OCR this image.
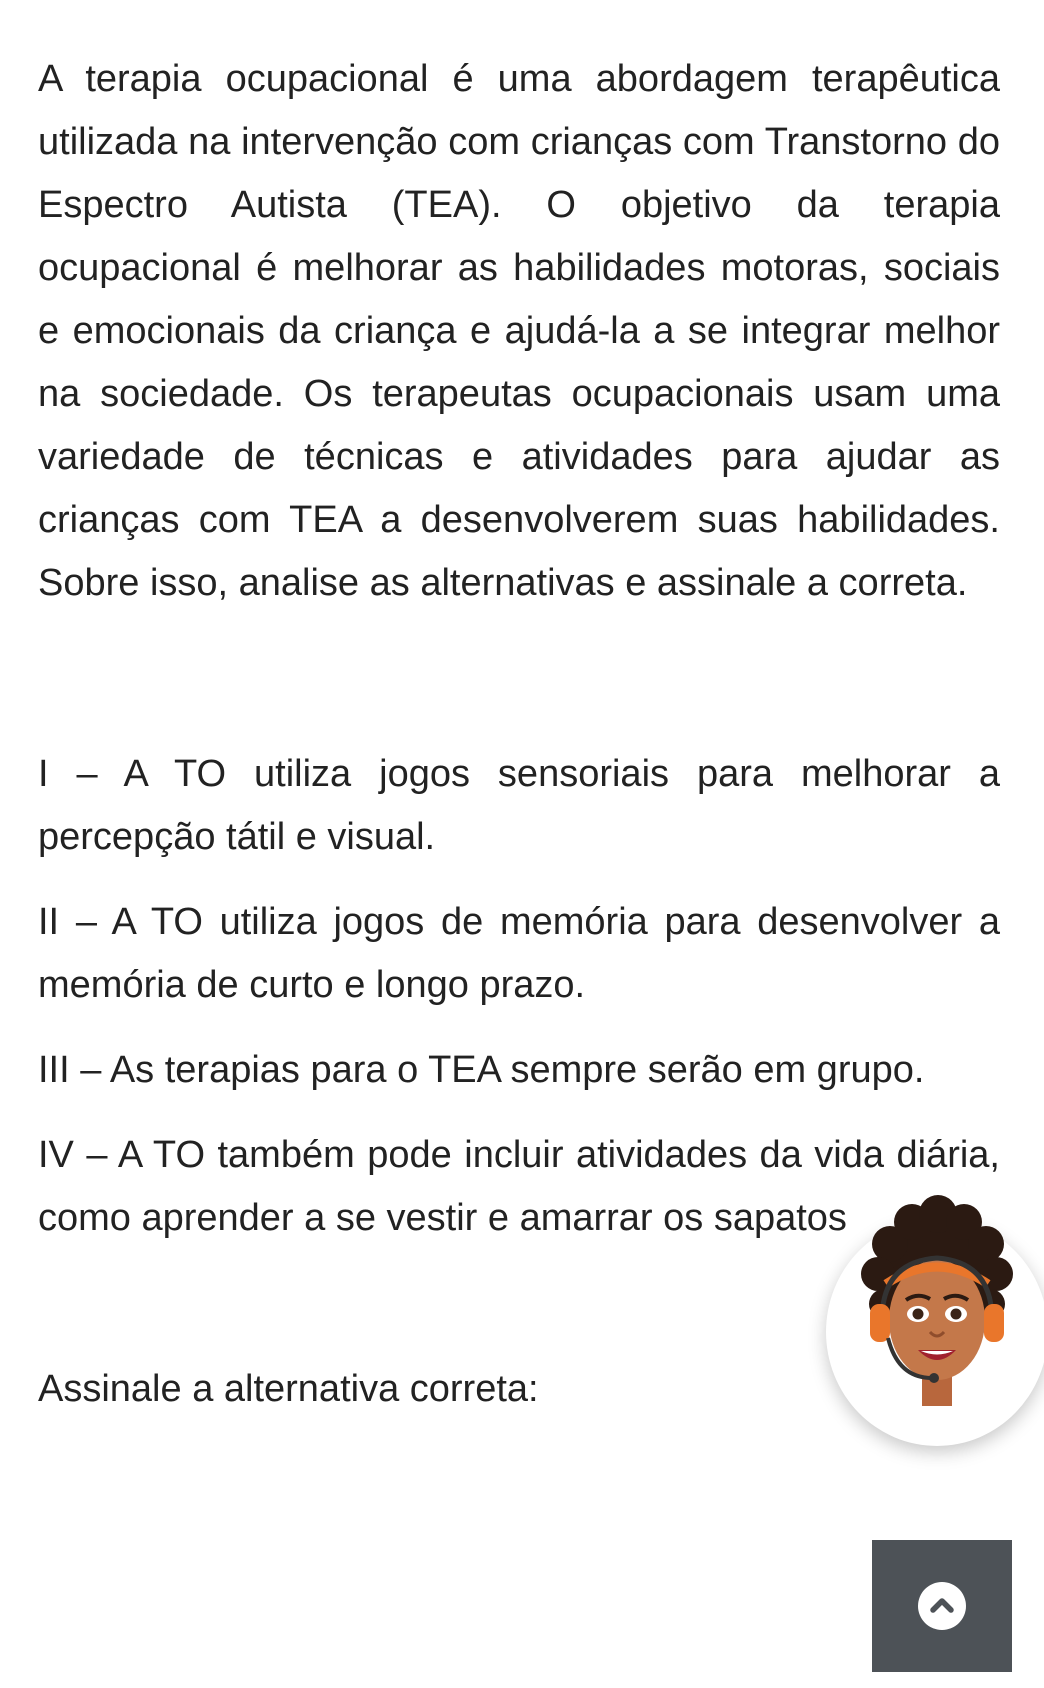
A terapia ocupacional é uma abordagem terapêutica utilizada na intervenção com crianças com Transtorno do Espectro Autista (TEA). O objetivo da terapia ocupacional é melhorar as habilidades motoras, sociais e emocionais da criança e ajudá-la a se integrar melhor na sociedade. Os terapeutas ocupacionais usam uma variedade de técnicas e atividades para ajudar as crianças com TEA a desenvolverem suas habilidades. Sobre isso, analise as alternativas e assinale a correta.

I – A TO utiliza jogos sensoriais para melhorar a percepção tátil e visual.

II – A TO utiliza jogos de memória para desenvolver a memória de curto e longo prazo.

III – As terapias para o TEA sempre serão em grupo.

IV – A TO também pode incluir atividades da vida diária, como aprender a se vestir e amarrar os sapatos

Assinale a alternativa correta:
